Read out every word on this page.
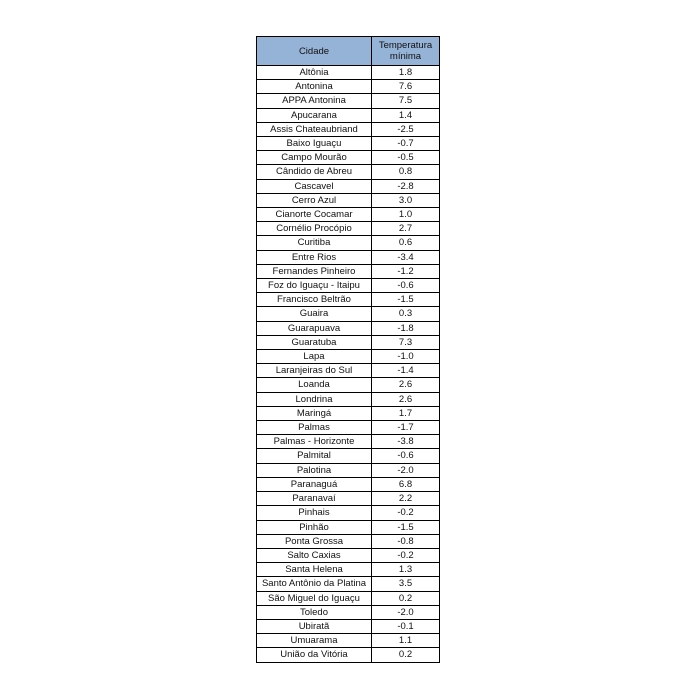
Cidade	Temperatura
mínima
Altônia	1.8
Antonina	7.6
APPA Antonina	7.5
Apucarana	1.4
Assis Chateaubriand	-2.5
Baixo Iguaçu	-0.7
Campo Mourão	-0.5
Cândido de Abreu	0.8
Cascavel	-2.8
Cerro Azul	3.0
Cianorte Cocamar	1.0
Cornélio Procópio	2.7
Curitiba	0.6
Entre Rios	-3.4
Fernandes Pinheiro	-1.2
Foz do Iguaçu - Itaipu	-0.6
Francisco Beltrão	-1.5
Guaira	0.3
Guarapuava	-1.8
Guaratuba	7.3
Lapa	-1.0
Laranjeiras do Sul	-1.4
Loanda	2.6
Londrina	2.6
Maringá	1.7
Palmas	-1.7
Palmas - Horizonte	-3.8
Palmital	-0.6
Palotina	-2.0
Paranaguá	6.8
Paranavaí	2.2
Pinhais	-0.2
Pinhão	-1.5
Ponta Grossa	-0.8
Salto Caxias	-0.2
Santa Helena	1.3
Santo Antônio da Platina	3.5
São Miguel do Iguaçu	0.2
Toledo	-2.0
Ubiratã	-0.1
Umuarama	1.1
União da Vitória	0.2
